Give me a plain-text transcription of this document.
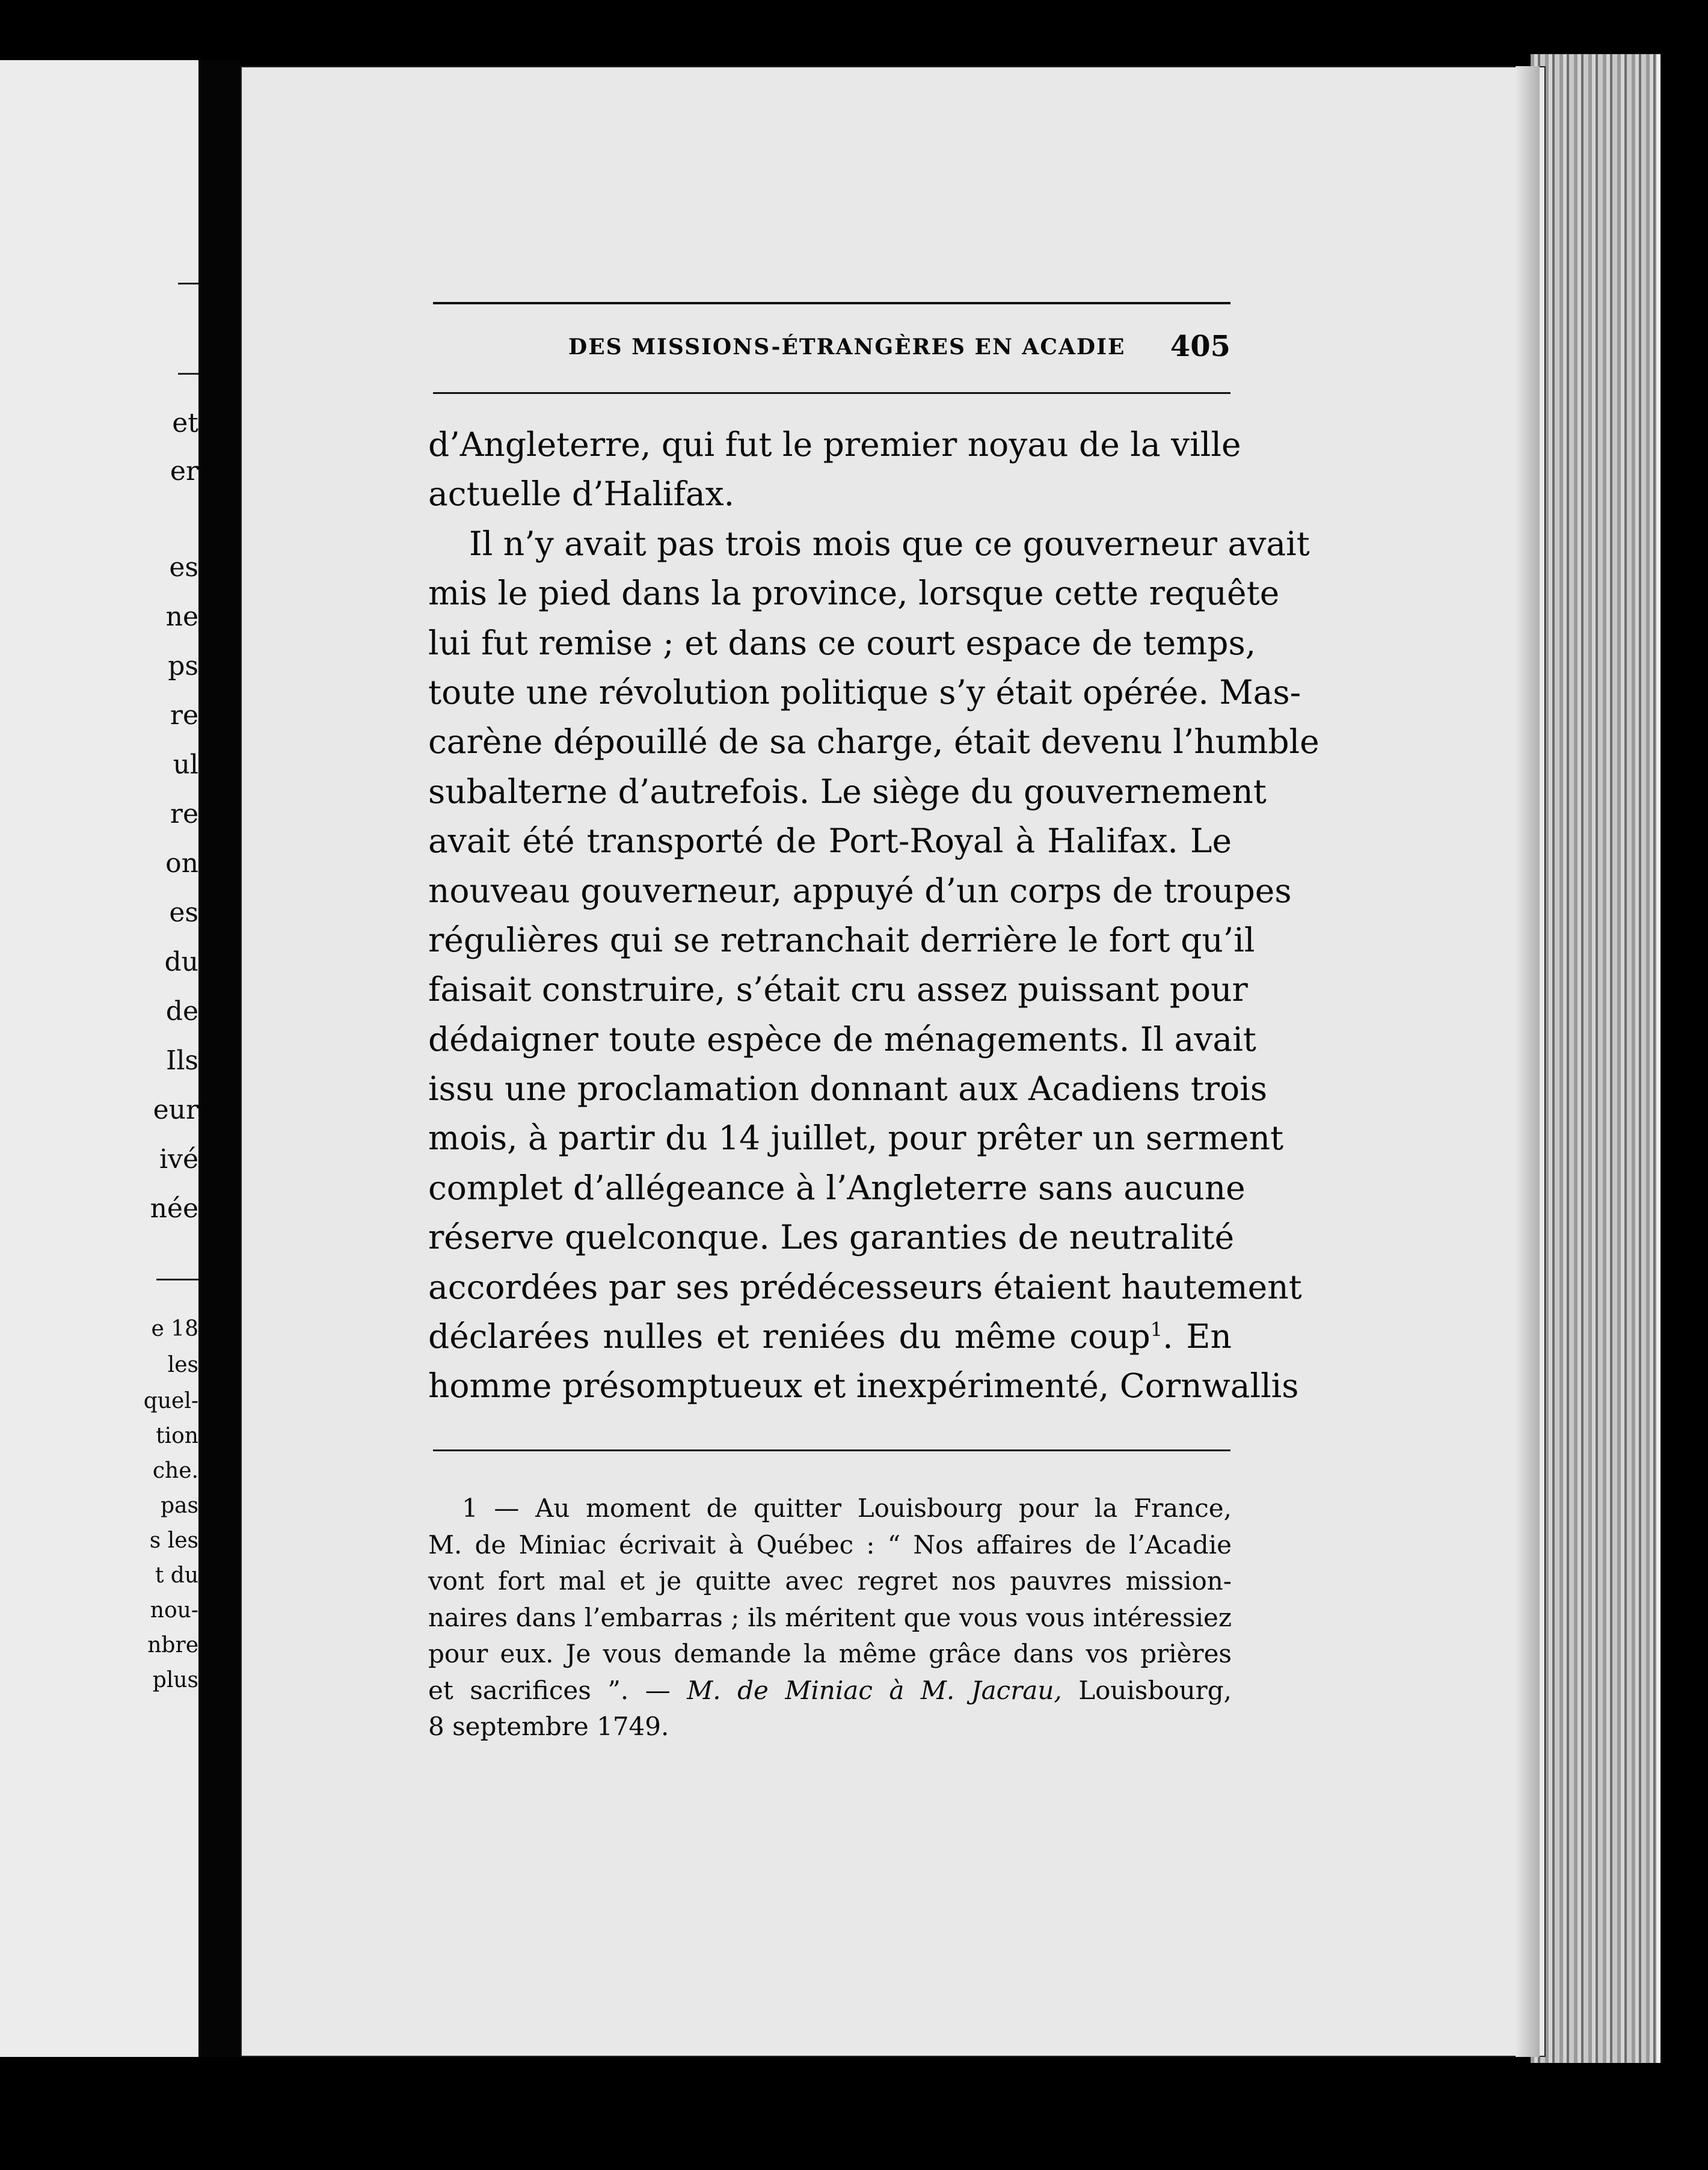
et
er
es
ne
ps
re
ul
re
on
es
du
de
Ils
eur
ivé
née
e 18
les
quel-
tion
che.
pas
s les
t du
nou-
nbre
plus
DES MISSIONS-ÉTRANGÈRES EN ACADIE 405
d’Angleterre, qui fut le premier noyau de la ville
actuelle d’Halifax.
Il n’y avait pas trois mois que ce gouverneur avait
mis le pied dans la province, lorsque cette requête
lui fut remise ; et dans ce court espace de temps,
toute une révolution politique s’y était opérée. Mas-
carène dépouillé de sa charge, était devenu l’humble
subalterne d’autrefois. Le siège du gouvernement
avait été transporté de Port-Royal à Halifax. Le
nouveau gouverneur, appuyé d’un corps de troupes
régulières qui se retranchait derrière le fort qu’il
faisait construire, s’était cru assez puissant pour
dédaigner toute espèce de ménagements. Il avait
issu une proclamation donnant aux Acadiens trois
mois, à partir du 14 juillet, pour prêter un serment
complet d’allégeance à l’Angleterre sans aucune
réserve quelconque. Les garanties de neutralité
accordées par ses prédécesseurs étaient hautement
déclarées nulles et reniées du même coup$^1$. En
homme présomptueux et inexpérimenté, Cornwallis
1 — Au moment de quitter Louisbourg pour la France,
M. de Miniac écrivait à Québec : “ Nos affaires de l’Acadie
vont fort mal et je quitte avec regret nos pauvres mission-
naires dans l’embarras ; ils méritent que vous vous intéressiez
pour eux. Je vous demande la même grâce dans vos prières
et sacrifices ”. — M. de Miniac à M. Jacrau, Louisbourg,
8 septembre 1749.
